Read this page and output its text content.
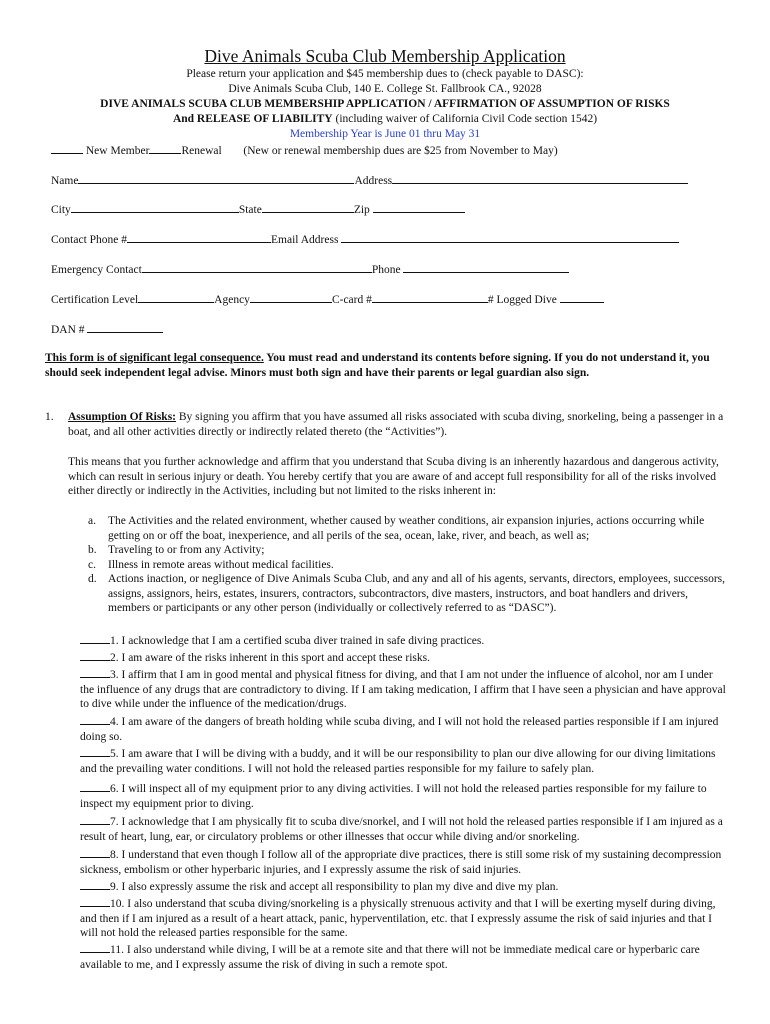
Dive Animals Scuba Club Membership Application
Please return your application and $45 membership dues to (check payable to DASC):
Dive Animals Scuba Club, 140 E. College St. Fallbrook CA., 92028
DIVE ANIMALS SCUBA CLUB MEMBERSHIP APPLICATION / AFFIRMATION OF ASSUMPTION OF RISKS
And RELEASE OF LIABILITY (including waiver of California Civil Code section 1542)
Membership Year is June 01 thru May 31
New Member	Renewal (New or renewal membership dues are $25 from November to May)
Name	Address
City	State	Zip
Contact Phone #	Email Address
Emergency Contact	Phone
Certification Level	Agency	C-card #	# Logged Dive
DAN #
This form is of significant legal consequence. You must read and understand its contents before signing. If you do not understand it, you should seek independent legal advise. Minors must both sign and have their parents or legal guardian also sign.
1.	Assumption Of Risks: By signing you affirm that you have assumed all risks associated with scuba diving, snorkeling, being a passenger in a boat, and all other activities directly or indirectly related thereto (the “Activities”).
This means that you further acknowledge and affirm that you understand that Scuba diving is an inherently hazardous and dangerous activity, which can result in serious injury or death. You hereby certify that you are aware of and accept full responsibility for all of the risks involved either directly or indirectly in the Activities, including but not limited to the risks inherent in:
a.	The Activities and the related environment, whether caused by weather conditions, air expansion injuries, actions occurring while getting on or off the boat, inexperience, and all perils of the sea, ocean, lake, river, and beach, as well as;
b. Traveling to or from any Activity;
c.	Illness in remote areas without medical facilities.
d. Actions inaction, or negligence of Dive Animals Scuba Club, and any and all of his agents, servants, directors, employees, successors, assigns, assignors, heirs, estates, insurers, contractors, subcontractors, dive masters, instructors, and boat handlers and drivers, members or participants or any other person (individually or collectively referred to as “DASC”).
1. I acknowledge that I am a certified scuba diver trained in safe diving practices.
2. I am aware of the risks inherent in this sport and accept these risks.
3. I affirm that I am in good mental and physical fitness for diving, and that I am not under the influence of alcohol, nor am I under the influence of any drugs that are contradictory to diving. If I am taking medication, I affirm that I have seen a physician and have approval to dive while under the influence of the medication/drugs.
4. I am aware of the dangers of breath holding while scuba diving, and I will not hold the released parties responsible if I am injured doing so.
5. I am aware that I will be diving with a buddy, and it will be our responsibility to plan our dive allowing for our diving limitations and the prevailing water conditions. I will not hold the released parties responsible for my failure to safely plan.
6. I will inspect all of my equipment prior to any diving activities. I will not hold the released parties responsible for my failure to inspect my equipment prior to diving.
7. I acknowledge that I am physically fit to scuba dive/snorkel, and I will not hold the released parties responsible if I am injured as a result of heart, lung, ear, or circulatory problems or other illnesses that occur while diving and/or snorkeling.
8. I understand that even though I follow all of the appropriate dive practices, there is still some risk of my sustaining decompression sickness, embolism or other hyperbaric injuries, and I expressly assume the risk of said injuries.
9. I also expressly assume the risk and accept all responsibility to plan my dive and dive my plan.
10. I also understand that scuba diving/snorkeling is a physically strenuous activity and that I will be exerting myself during diving, and then if I am injured as a result of a heart attack, panic, hyperventilation, etc. that I expressly assume the risk of said injuries and that I will not hold the released parties responsible for the same.
11. I also understand while diving, I will be at a remote site and that there will not be immediate medical care or hyperbaric care available to me, and I expressly assume the risk of diving in such a remote spot.
